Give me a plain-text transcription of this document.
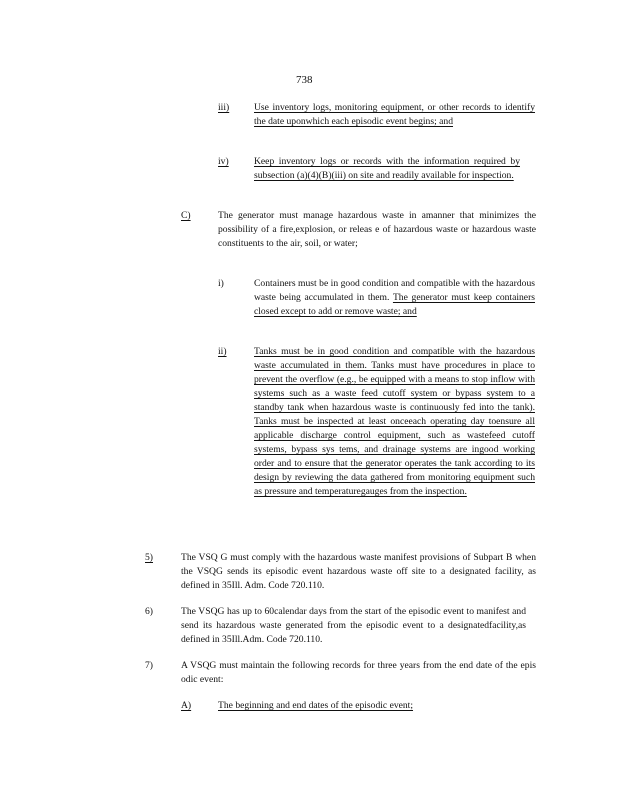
738
iii)	Use inventory logs, monitoring equipment, or other records to identify the date uponwhich each episodic event begins; and
iv)	Keep inventory logs or records with the information required by subsection (a)(4)(B)(iii) on site and readily available for inspection.
C)	The generator must manage hazardous waste in amanner that minimizes the possibility of a fire,explosion, or releas e of hazardous waste or hazardous waste constituents to the air, soil, or water;
i)	Containers must be in good condition and compatible with the hazardous waste being accumulated in them. The generator must keep containers closed except to add or remove waste; and
ii)	Tanks must be in good condition and compatible with the hazardous waste accumulated in them. Tanks must have procedures in place to prevent the overflow (e.g., be equipped with a means to stop inflow with systems such as a waste feed cutoff system or bypass system to a standby tank when hazardous waste is continuously fed into the tank). Tanks must be inspected at least onceeach operating day toensure all applicable discharge control equipment, such as wastefeed cutoff systems, bypass sys tems, and drainage systems are ingood working order and to ensure that the generator operates the tank according to its design by reviewing the data gathered from monitoring equipment such as pressure and temperaturegauges from the inspection.
5)	The VSQ G must comply with the hazardous waste manifest provisions of Subpart B when the VSQG sends its episodic event hazardous waste off site to a designated facility, as defined in 35Ill. Adm. Code 720.110.
6)	The VSQG has up to 60calendar days from the start of the episodic event to manifest and send its hazardous waste generated from the episodic event to a designatedfacility,as defined in 35Ill.Adm. Code 720.110.
7)	A VSQG must maintain the following records for three years from the end date of the epis odic event:
A)	The beginning and end dates of the episodic event;
